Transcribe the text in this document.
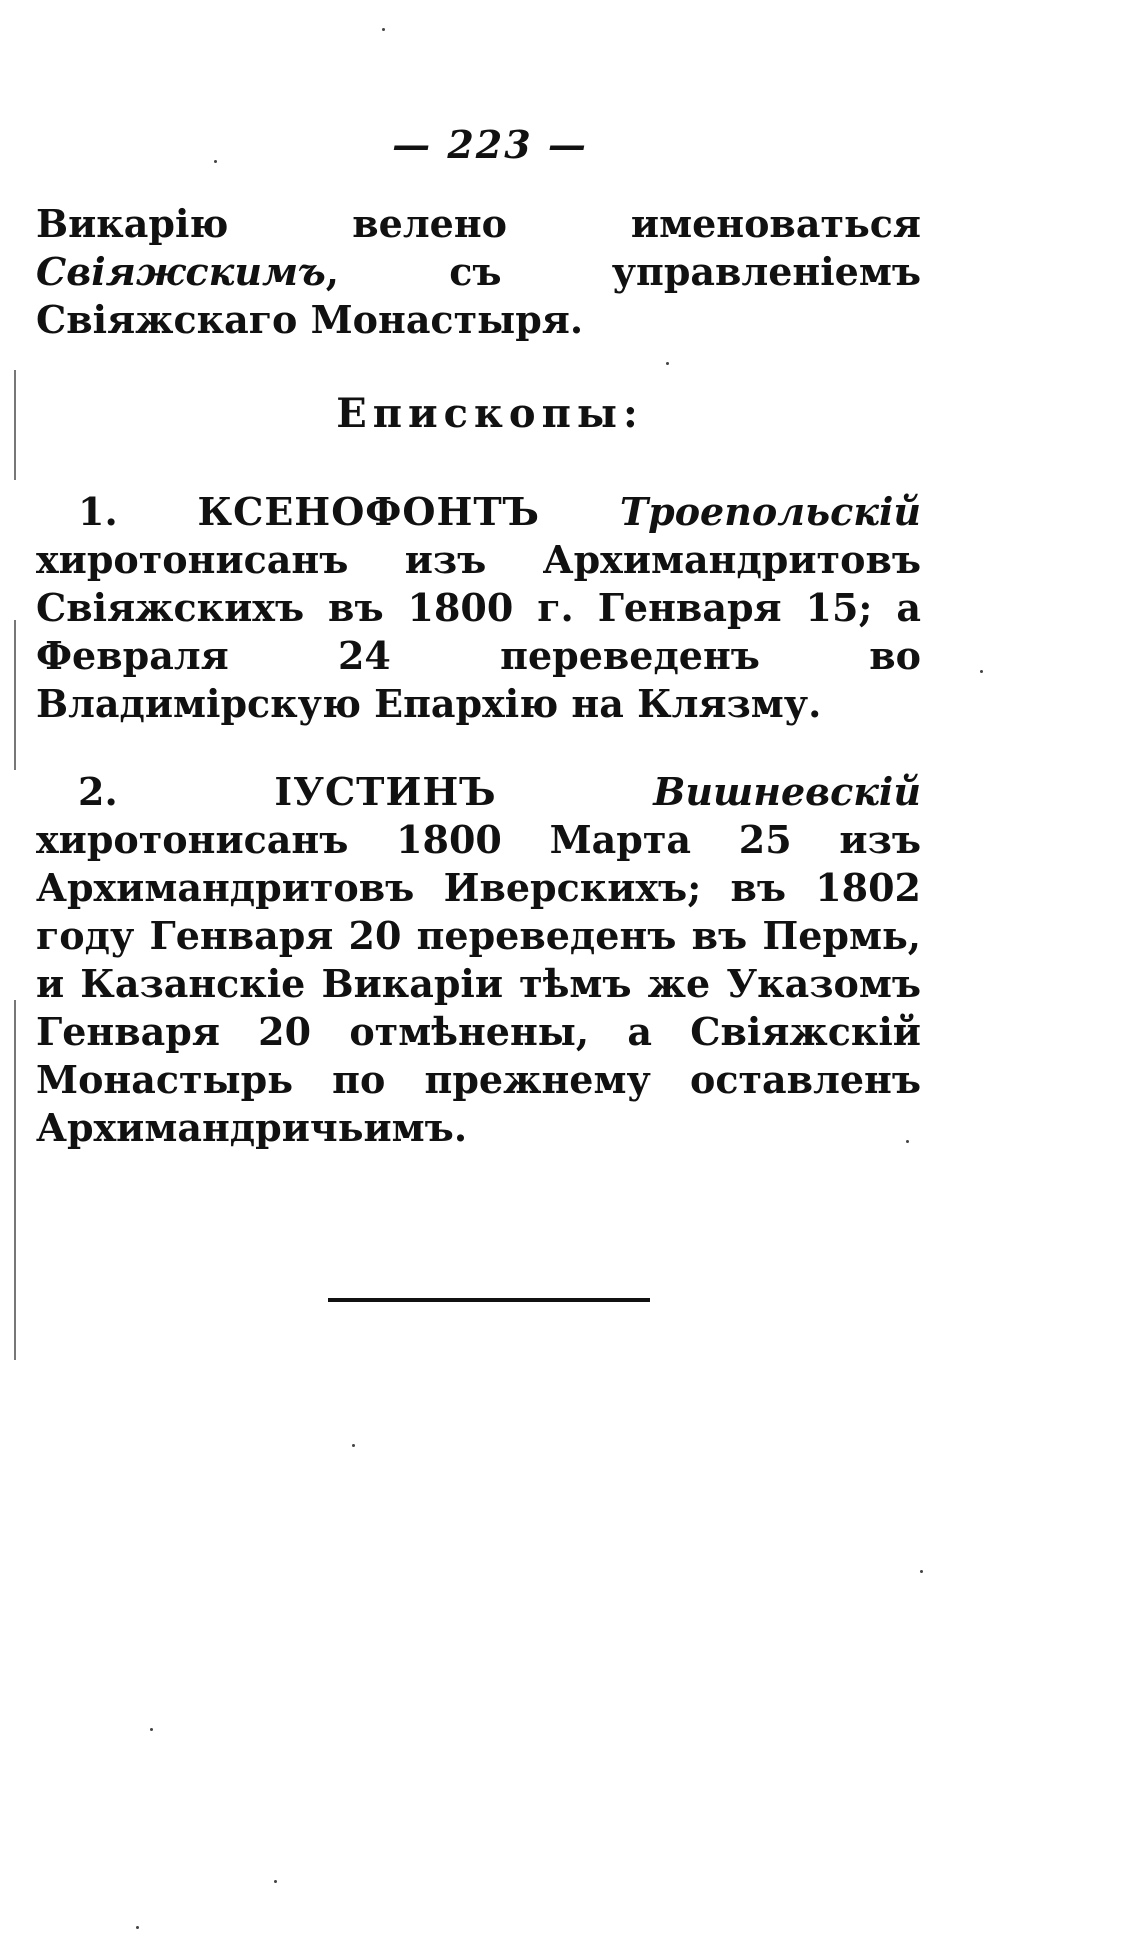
— 223 —
Викарію велено именоваться Свіяжскимъ, съ управленіемъ Свіяжскаго Монастыря.
Епископы:
1. КСЕНОФОНТЪ Троепольскій хиротонисанъ изъ Архимандритовъ Свіяжскихъ въ 1800 г. Генваря 15; а Февраля 24 переведенъ во Владимірскую Епархію на Клязму.
2.	ІУСТИНЪ	Вишневскій хиротонисанъ 1800 Марта 25 изъ Архимандритовъ Иверскихъ; въ 1802 году Генваря 20 переведенъ въ Пермь, и Казанскіе Викаріи тѣмъ же Указомъ Генваря 20 отмѣнены, а Свіяжскій Монастырь по прежнему оставленъ Архимандричьимъ.
